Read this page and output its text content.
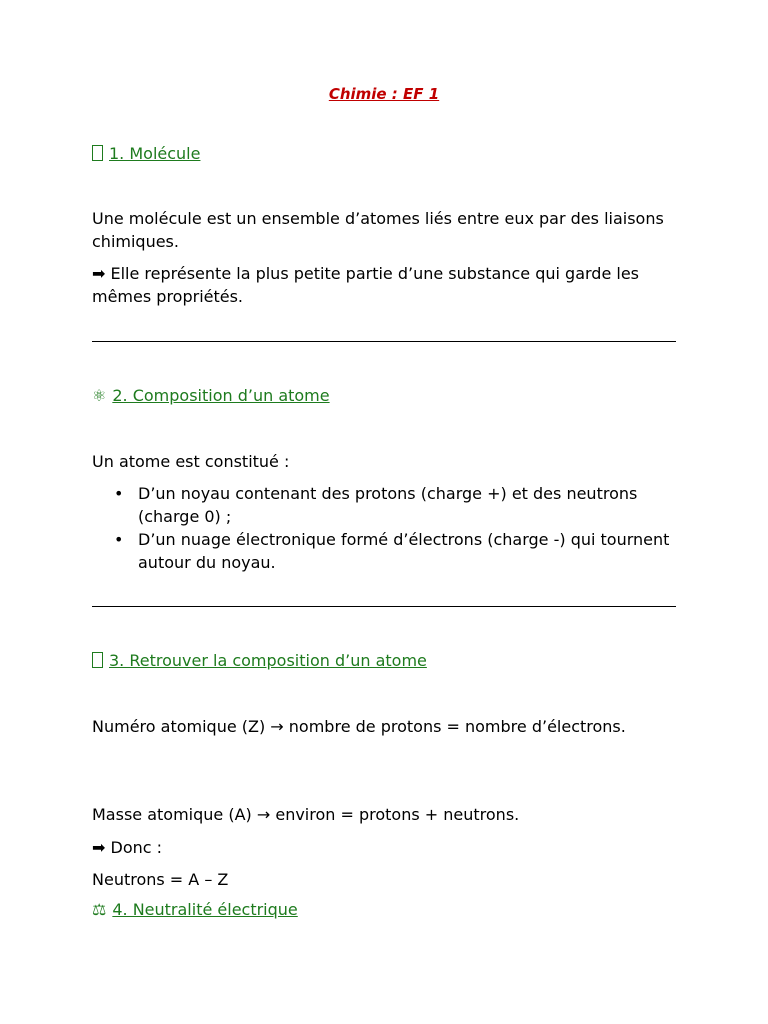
Chimie : EF 1
1. Molécule
Une molécule est un ensemble d’atomes liés entre eux par des liaisons chimiques.
➡ Elle représente la plus petite partie d’une substance qui garde les mêmes propriétés.
⚛ 2. Composition d’un atome
Un atome est constitué :
• D’un noyau contenant des protons (charge +) et des neutrons (charge 0) ;
• D’un nuage électronique formé d’électrons (charge -) qui tournent autour du noyau.
3. Retrouver la composition d’un atome
Numéro atomique (Z) → nombre de protons = nombre d’électrons.
Masse atomique (A) → environ = protons + neutrons.
➡ Donc :
Neutrons = A – Z
⚖ 4. Neutralité électrique
